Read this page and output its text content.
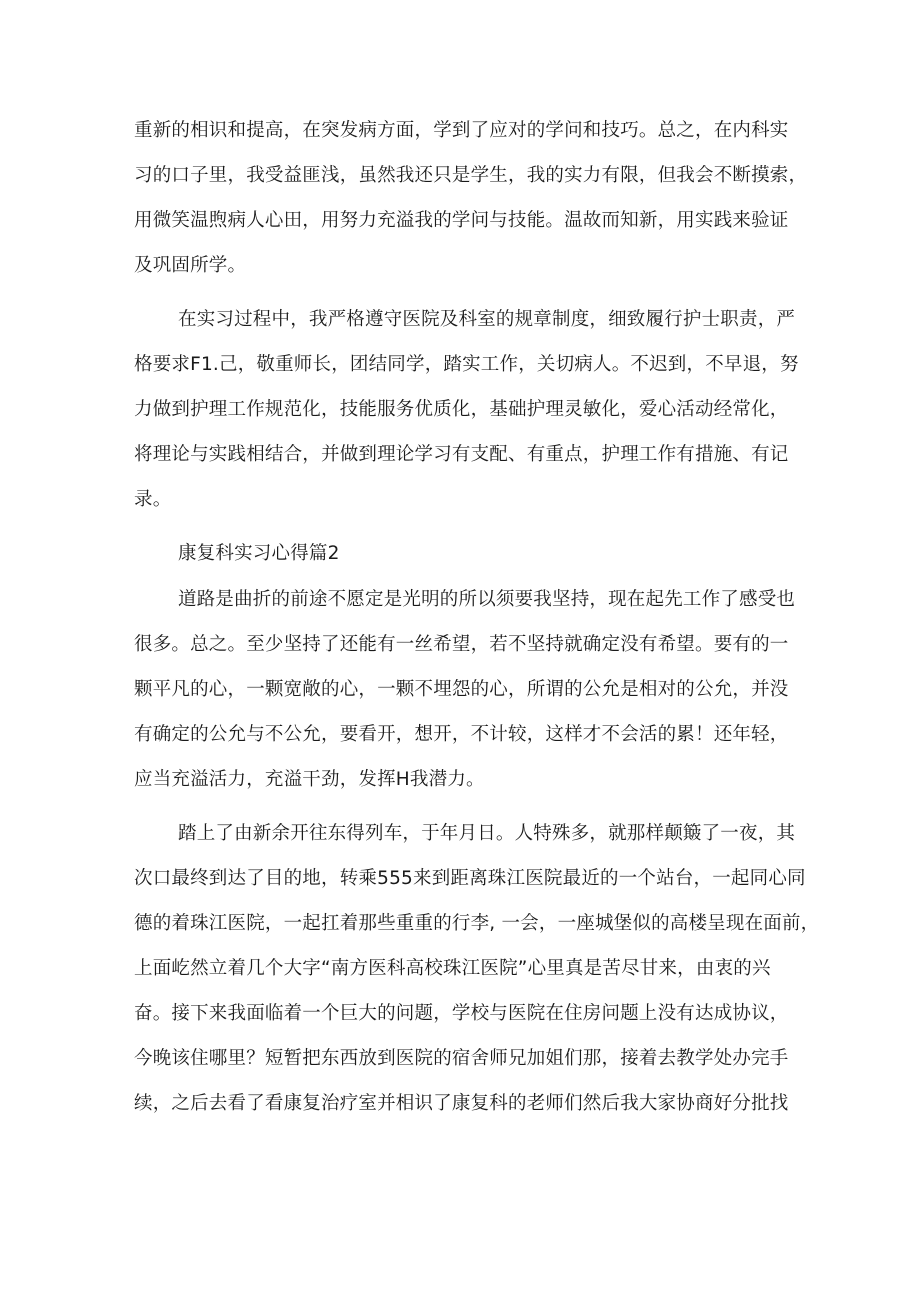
重新的相识和提高，在突发病方面，学到了应对的学问和技巧。总之，在内科实
习的口子里，我受益匪浅，虽然我还只是学生，我的实力有限，但我会不断摸索，
用微笑温煦病人心田，用努力充溢我的学问与技能。温故而知新，用实践来验证
及巩固所学。
在实习过程中，我严格遵守医院及科室的规章制度，细致履行护士职责，严
格要求F1.己，敬重师长，团结同学，踏实工作，关切病人。不迟到，不早退，努
力做到护理工作规范化，技能服务优质化，基础护理灵敏化，爱心活动经常化，
将理论与实践相结合，并做到理论学习有支配、有重点，护理工作有措施、有记
录。
康复科实习心得篇2
道路是曲折的前途不愿定是光明的所以须要我坚持，现在起先工作了感受也
很多。总之。至少坚持了还能有一丝希望，若不坚持就确定没有希望。要有的一
颗平凡的心，一颗宽敞的心，一颗不埋怨的心，所谓的公允是相对的公允，并没
有确定的公允与不公允，要看开，想开，不计较，这样才不会活的累！还年轻，
应当充溢活力，充溢干劲，发挥H我潜力。
踏上了由新余开往东得列车，于年月日。人特殊多，就那样颠簸了一夜，其
次口最终到达了目的地，转乘555来到距离珠江医院最近的一个站台，一起同心同
德的着珠江医院，一起扛着那些重重的行李, 一会，一座城堡似的高楼呈现在面前，
上面屹然立着几个大字“南方医科高校珠江医院”心里真是苦尽甘来，由衷的兴
奋。接下来我面临着一个巨大的问题，学校与医院在住房问题上没有达成协议，
今晚该住哪里？短暂把东西放到医院的宿舍师兄加姐们那，接着去教学处办完手
续，之后去看了看康复治疗室并相识了康复科的老师们然后我大家协商好分批找
